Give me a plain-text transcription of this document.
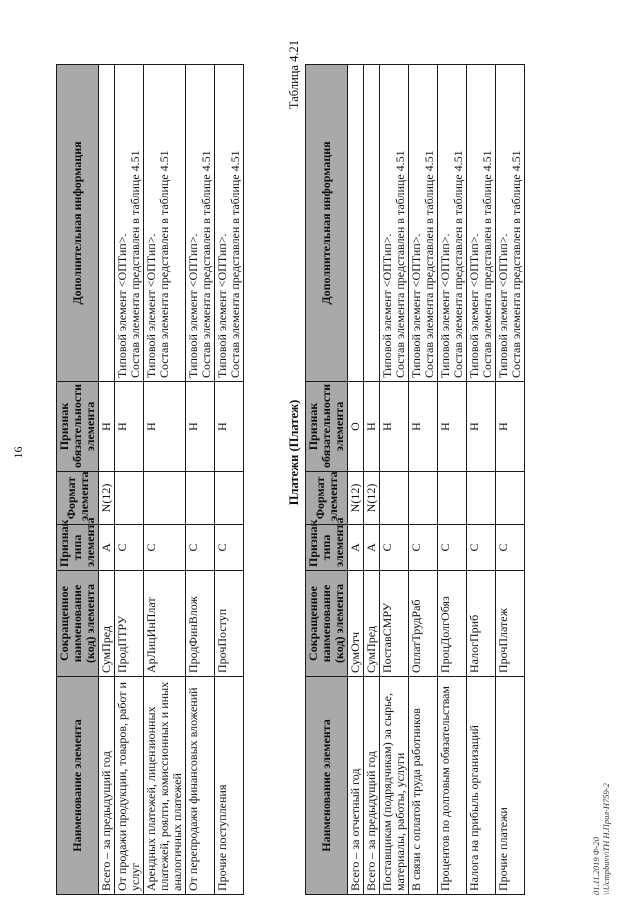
16
Наименование элемента	Сокращенное наименование (код) элемента	Признак типа элемента	Формат элемента	Признак обязательности элемента	Дополнительная информация
Всего – за предыдущий год	СумПред	А	N(12)	Н	

От продажи продукции, товаров, работ и услуг	ПродПТРУ	С		Н	Типовой элемент <ОПТип>. Состав элемента представлен в таблице 4.51

Арендных платежей, лицензионных платежей, роялти, комиссионных и иных аналогичных платежей	АрЛицИнПлат	С		Н	Типовой элемент <ОПТип>. Состав элемента представлен в таблице 4.51

От перепродажи финансовых вложений	ПродФинВлож	С		Н	Типовой элемент <ОПТип>. Состав элемента представлен в таблице 4.51

Прочие поступления	ПрочПоступ	С		Н	Типовой элемент <ОПТип>. Состав элемента представлен в таблице 4.51
Платежи (Платеж)
Таблица 4.21
Наименование элемента	Сокращенное наименование (код) элемента	Признак типа элемента	Формат элемента	Признак обязательности элемента	Дополнительная информация
Всего – за отчетный год	СумОтч	А	N(12)	О	

Всего – за предыдущий год	СумПред	А	N(12)	Н	

Поставщикам (подрядчикам) за сырье, материалы, работы, услуги	ПоставСМРУ	С		Н	Типовой элемент <ОПТип>. Состав элемента представлен в таблице 4.51

В связи с оплатой труда работников	ОплатТрудРаб	С		Н	Типовой элемент <ОПТип>. Состав элемента представлен в таблице 4.51

Процентов по долговым обязательствам	ПроцДолгОбяз	С		Н	Типовой элемент <ОПТип>. Состав элемента представлен в таблице 4.51

Налога на прибыль организаций	НалогПриб	С		Н	Типовой элемент <ОПТип>. Состав элемента представлен в таблице 4.51

Прочие платежи	ПрочПлатеж	С		Н	Типовой элемент <ОПТип>. Состав элемента представлен в таблице 4.51
01.11.2019 Ф-20 \\Ucmpbuvv\ТН Н.Прил-Н759-2
